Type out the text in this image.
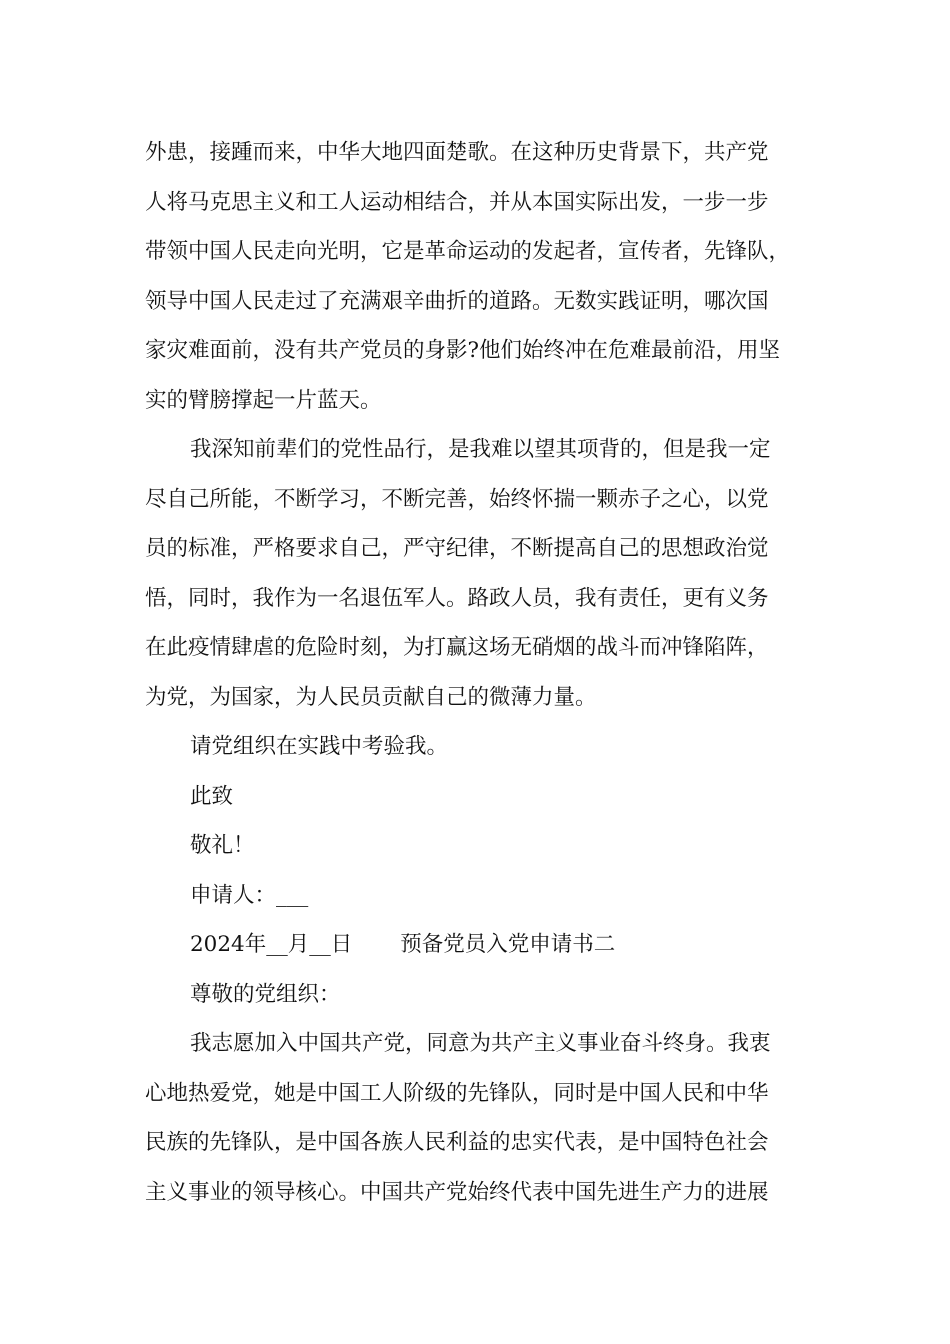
外患，接踵而来，中华大地四面楚歌。在这种历史背景下，共产党
人将马克思主义和工人运动相结合，并从本国实际出发，一步一步
带领中国人民走向光明，它是革命运动的发起者，宣传者，先锋队，
领导中国人民走过了充满艰辛曲折的道路。无数实践证明，哪次国
家灾难面前，没有共产党员的身影?他们始终冲在危难最前沿，用坚
实的臂膀撑起一片蓝天。
我深知前辈们的党性品行，是我难以望其项背的，但是我一定
尽自己所能，不断学习，不断完善，始终怀揣一颗赤子之心，以党
员的标准，严格要求自己，严守纪律，不断提高自己的思想政治觉
悟，同时，我作为一名退伍军人。路政人员，我有责任，更有义务
在此疫情肆虐的危险时刻，为打赢这场无硝烟的战斗而冲锋陷阵，
为党，为国家，为人民员贡献自己的微薄力量。
请党组织在实践中考验我。
此致
敬礼！
申请人：___
2024年__月__日 预备党员入党申请书二
尊敬的党组织：
我志愿加入中国共产党，同意为共产主义事业奋斗终身。我衷
心地热爱党，她是中国工人阶级的先锋队，同时是中国人民和中华
民族的先锋队，是中国各族人民利益的忠实代表，是中国特色社会
主义事业的领导核心。中国共产党始终代表中国先进生产力的进展
